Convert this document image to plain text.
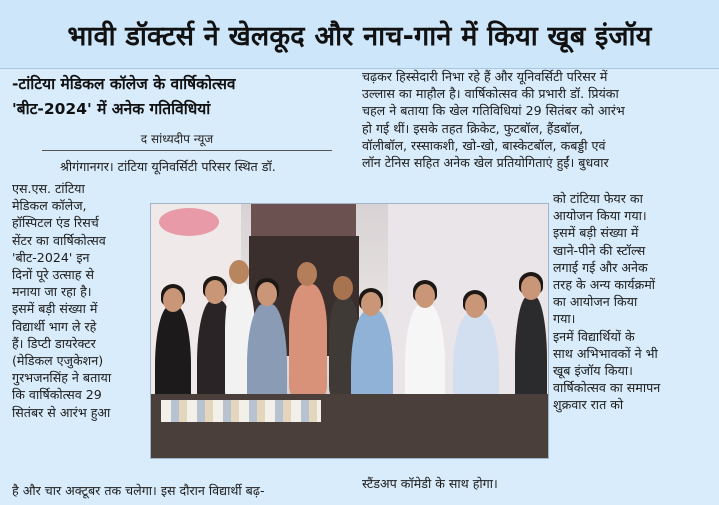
भावी डॉक्टर्स ने खेलकूद और नाच-गाने में किया खूब इंजॉय
-टांटिया मेडिकल कॉलेज के वार्षिकोत्सव
'बीट-2024' में अनेक गतिविधियां
द सांध्यदीप न्यूज
श्रीगंगानगर। टांटिया यूनिवर्सिटी परिसर स्थित डॉ.
एस.एस. टांटिया
मेडिकल कॉलेज,
हॉस्पिटल एंड रिसर्च
सेंटर का वार्षिकोत्सव
'बीट-2024' इन
दिनों पूरे उत्साह से
मनाया जा रहा है।
इसमें बड़ी संख्या में
विद्यार्थी भाग ले रहे
हैं। डिप्टी डायरेक्टर
(मेडिकल एजुकेशन)
गुरभजनसिंह ने बताया
कि वार्षिकोत्सव 29
सितंबर से आरंभ हुआ
है और चार अक्टूबर तक चलेगा। इस दौरान विद्यार्थी बढ़-
चढ़कर हिस्सेदारी निभा रहे हैं और यूनिवर्सिटी परिसर में
उल्लास का माहौल है। वार्षिकोत्सव की प्रभारी डॉ. प्रियंका
चहल ने बताया कि खेल गतिविधियां 29 सितंबर को आरंभ
हो गई थीं। इसके तहत क्रिकेट, फुटबॉल, हैंडबॉल,
वॉलीबॉल, रस्साकशी, खो-खो, बास्केटबॉल, कबड्डी एवं
लॉन टेनिस सहित अनेक खेल प्रतियोगिताएं हुईं। बुधवार
को टांटिया फेयर का
आयोजन किया गया।
इसमें बड़ी संख्या में
खाने-पीने की स्टॉल्स
लगाई गई और अनेक
तरह के अन्य कार्यक्रमों
का आयोजन किया
गया।
इनमें विद्यार्थियों के
साथ अभिभावकों ने भी
खूब इंजॉय किया।
वार्षिकोत्सव का समापन
शुक्रवार रात को
स्टैंडअप कॉमेडी के साथ होगा।
